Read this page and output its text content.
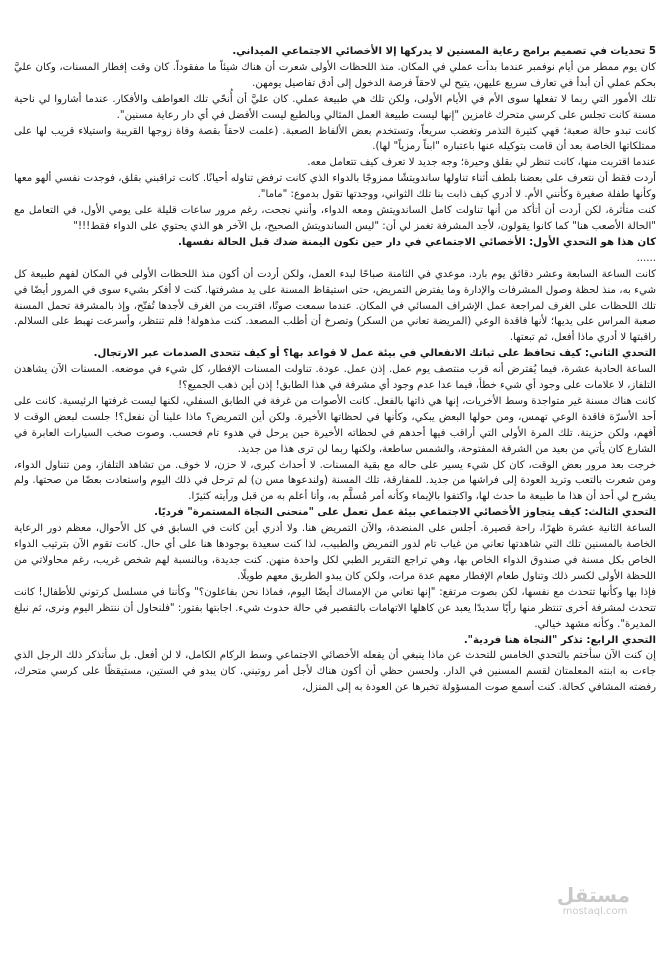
5 تحديات في تصميم برامج رعاية المسنين لا يدركها إلا الأخصائي الاجتماعي الميداني.

كان يوم ممطر من أيام نوفمبر عندما بدأت عملي في المكان. منذ اللحظات الأولى شعرت أن هناك شيئاً ما مفقوداً. كان وقت إفطار المسنات، وكان عليَّ بحكم عملي أن أبدأ في تعارف سريع عليهن، يتيح لي لاحقاً فرصة الدخول إلى أدق تفاصيل يومهن.

تلك الأمور التي ربما لا تفعلها سوى الأم في الأيام الأولى، ولكن تلك هي طبيعة عملي. كان عليَّ أن أُنحّي تلك العواطف والأفكار. عندما أشاروا لي ناحية مسنة كانت تجلس على كرسي متحرك غامزين "إنها ليست طبيعة العمل المثالي وبالطبع ليست الأفضل في أي دار رعاية مسنين".

كانت تبدو حالة صعبة؛ فهي كثيرة التذمر وتغضب سريعاً، وتستخدم بعض الألفاظ الصعبة. (علمت لاحقاً بقصة وفاة زوجها القريبة واستيلاء قريب لها على ممتلكاتها الخاصة بعد أن قامت بتوكيله عنها باعتباره "ابناً رمزياً" لها).

عندما اقتربت منها، كانت تنظر لي بقلق وحيرة؛ وجه جديد لا تعرف كيف تتعامل معه.

أردت فقط أن نتعرف على بعضنا بلطف أثناء تناولها ساندويتشًا ممزوجًا بالدواء الذي كانت ترفض تناوله أحيانًا. كانت تراقبني بقلق، فوجدت نفسي ألهو معها وكأنها طفلة صغيرة وكأنني الأم. لا أدري كيف ذابت بنا تلك الثواني، ووجدتها تقول بدموع: "ماما".

كنت متأثرة، لكن أردت أن أتأكد من أنها تناولت كامل الساندويتش ومعه الدواء، وأنني نجحت، رغم مرور ساعات قليلة على يومي الأول، في التعامل مع "الحالة الأصعب هنا" كما كانوا يقولون، لأجد المشرفة تغمز لي أن: "ليس الساندويتش الصحيح، بل الآخر هو الذي يحتوي على الدواء فقط!!!"

كان هذا هو التحدي الأول: الأخصائي الاجتماعي في دار حين تكون اليمنة ضدك قبل الحالة نفسها.

......

كانت الساعة السابعة وعشر دقائق يوم بارد. موعدي في الثامنة صباحًا لبدء العمل، ولكن أردت أن أكون منذ اللحظات الأولى في المكان لفهم طبيعة كل شيء به، منذ لحظة وصول المشرفات والإدارة وما يفترض التمريض، حتى استيقاظ المسنة على يد مشرفتها. كنت لا أفكر بشيء سوى في المرور أيضًا في تلك اللحظات على الغرف لمراجعة عمل الإشراف المسائي في المكان. عندما سمعت صوتًا، اقتربت من الغرف لأجدها تُفتّح، وإذ بالمشرفة تحمل المسنة صعبة المراس على يديها؛ لأنها فاقدة الوعي (المريضة تعاني من السكر) وتصرخ أن أطلب المصعد. كنت مذهولة! فلم تنتظر، وأسرعت تهبط على السلالم. راقبتها لا أدري ماذا أفعل، ثم تبعتها.

التحدي الثاني: كيف تحافظ على ثباتك الانفعالي في بيئة عمل لا قواعد بها؟ أو كيف تتحدى الصدمات عبر الارتجال.

الساعة الحادية عشرة، فيما يُفترض أنه قرب منتصف يوم عمل. إذن عمل. عودة. تناولت المسنات الإفطار، كل شيء في موضعه. المسنات الآن يشاهدن التلفاز، لا علامات على وجود أي شيء خطأ، فيما عدا عدم وجود أي مشرفة في هذا الطابق! إذن أين ذهب الجميع؟!

كانت هناك مسنة غير متواجدة وسط الأخريات، إنها هي ذاتها بالفعل. كانت الأصوات من غرفة في الطابق السفلي، لكنها ليست غرفتها الرئيسية. كانت على أحد الأسرّة فاقدة الوعي تهمس، ومن حولها البعض يبكي، وكأنها في لحظاتها الأخيرة. ولكن أين التمريض؟ ماذا علينا أن نفعل؟! جلست لبعض الوقت لا أفهم، ولكن حزينة. تلك المرة الأولى التي أراقب فيها أحدهم في لحظاته الأخيرة حين يرحل في هدوء تام فحسب. وصوت صخب السيارات العابرة في الشارع كان يأتي من بعيد من الشرفة المفتوحة، والشمس ساطعة، ولكنها ربما لن ترى هذا من جديد.

خرجت بعد مرور بعض الوقت، كان كل شيء يسير على حاله مع بقية المسنات. لا أحداث كبرى، لا حزن، لا خوف. من تشاهد التلفاز، ومن تتناول الدواء، ومن شعرت بالتعب وتريد العودة إلى فراشها من جديد. للمفارقة، تلك المسنة (ولندعوها مس ن) لم ترحل في ذلك اليوم واستعادت بعضًا من صحتها. ولم يشرح لي أحد أن هذا ما طبيعة ما حدث لها، واكتفوا بالإيماء وكأنه أمر مُسلَّم به، وأنا أعلم به من قبل ورأيته كثيرًا.

التحدي الثالث: كيف يتجاوز الأخصائي الاجتماعي بيئة عمل تعمل على "منحنى النجاة المستمرة" فرديًا.

الساعة الثانية عشرة ظهرًا، راحة قصيرة. أجلس على المنضدة، والآن التمريض هنا. ولا أدري أين كانت في السابق في كل الأحوال، معظم دور الرعاية الخاصة بالمسنين تلك التي شاهدتها تعاني من غياب تام لدور التمريض والطبيب، لذا كنت سعيدة بوجودها هنا على أي حال. كانت تقوم الآن بترتيب الدواء الخاص بكل مسنة في صندوق الدواء الخاص بها، وهي تراجع التقرير الطبي لكل واحدة منهن. كنت جديدة، وبالنسبة لهم شخص غريب، رغم محاولاتي من اللحظة الأولى لكسر ذلك وتناول طعام الإفطار معهم عدة مرات، ولكن كان يبدو الطريق معهم طويلًا.

فإذا بها وكأنها تتحدث مع نفسها، لكن بصوت مرتفع: "إنها تعاني من الإمساك أيضًا اليوم، فماذا نحن بفاعلون؟" وكأننا في مسلسل كرتوني للأطفال! كانت تتحدث لمشرفة أخرى تنتظر منها رأيًا سديدًا يعبد عن كاهلها الاتهامات بالتقصير في حالة حدوث شيء. اجابتها بفتور: "فلنحاول أن ننتظر اليوم ونرى، ثم نبلغ المديرة". وكأنه مشهد خيالي.

التحدي الرابع: تذكر "النجاة هنا فردية".

إن كنت الآن سأختم بالتحدي الخامس للتحدث عن ماذا ينبغي أن يفعله الأخصائي الاجتماعي وسط الركام الكامل، لا لن أفعل. بل سأتذكر ذلك الرجل الذي جاءت به ابنته المعلمتان لقسم المسنين في الدار. ولحسن حظي أن أكون هناك لأجل أمر روتيني. كان يبدو في الستين، مستيقظًا على كرسي متحرك، رفضته المشافي كحالة. كنت أسمع صوت المسؤولة تخبرها عن العودة به إلى المنزل،

مستقل
mostaql.com
